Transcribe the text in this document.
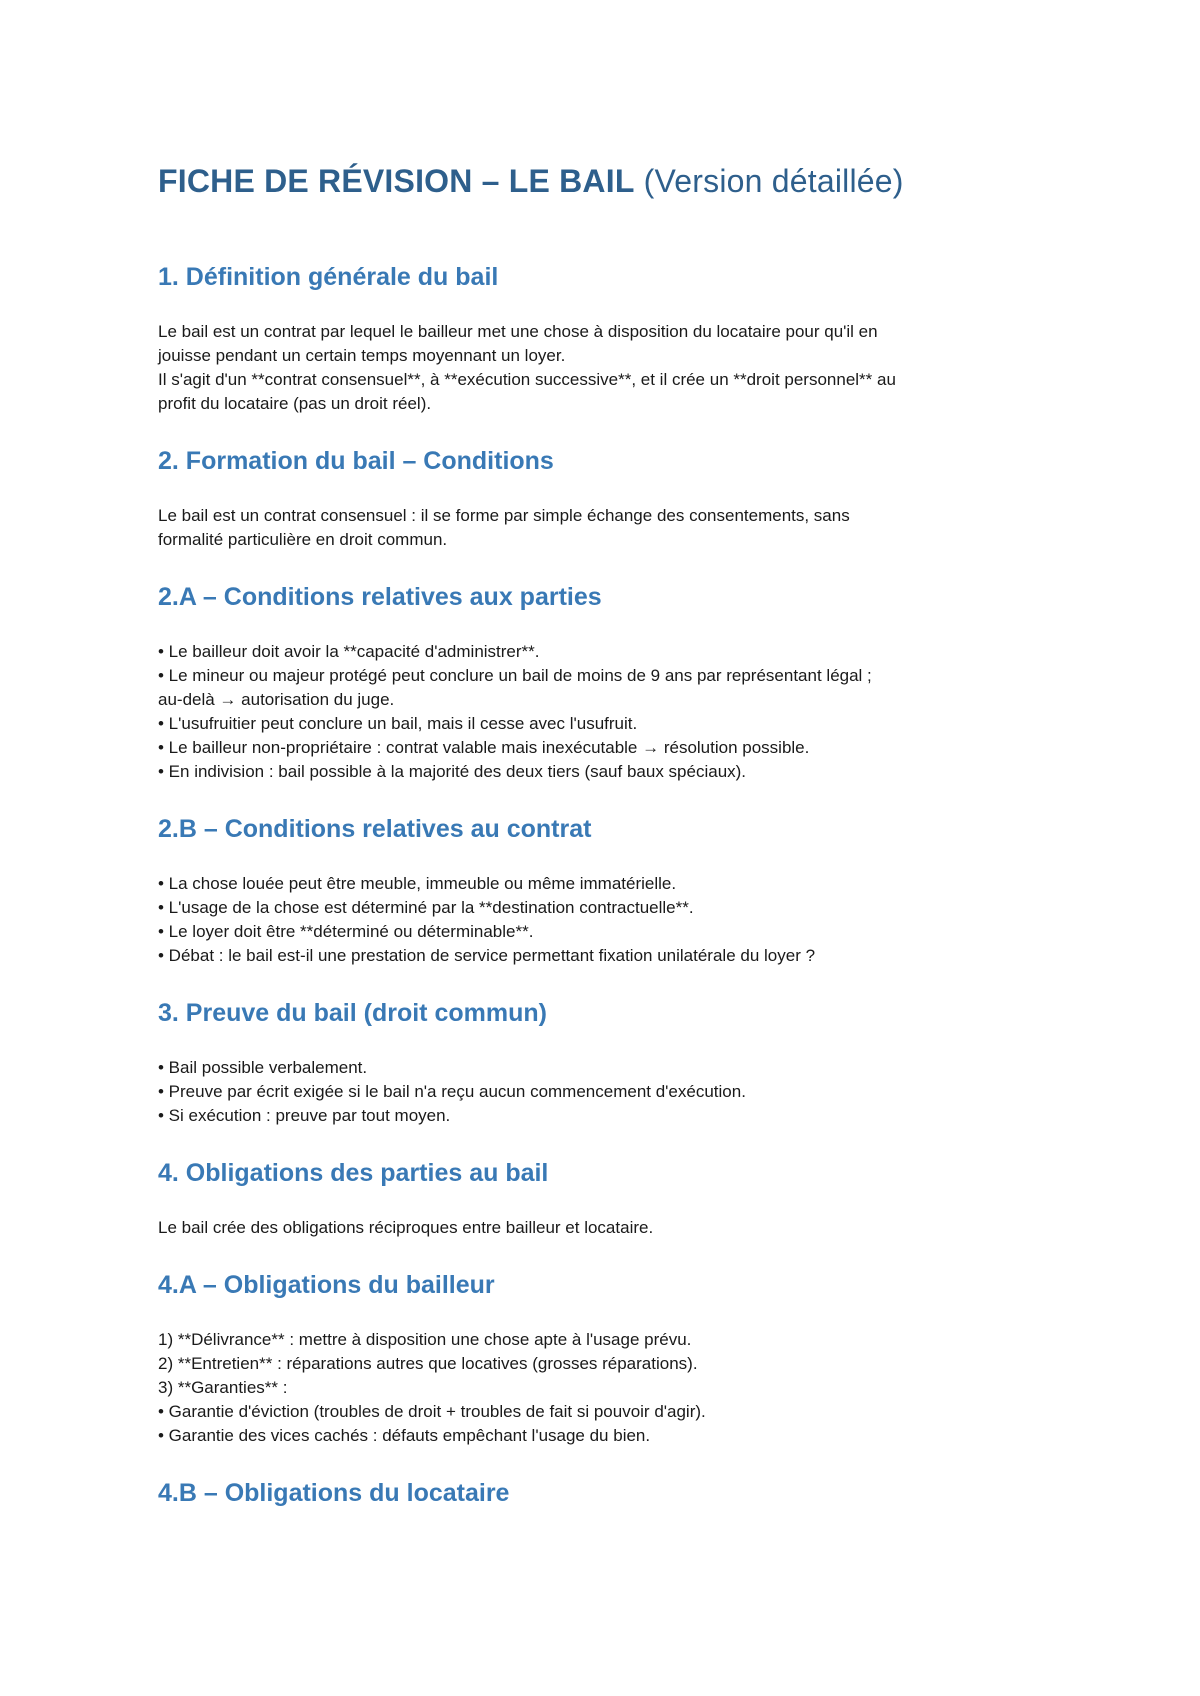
FICHE DE RÉVISION – LE BAIL (Version détaillée)
1. Définition générale du bail

Le bail est un contrat par lequel le bailleur met une chose à disposition du locataire pour qu'il en
jouisse pendant un certain temps moyennant un loyer.
Il s'agit d'un **contrat consensuel**, à **exécution successive**, et il crée un **droit personnel** au
profit du locataire (pas un droit réel).

2. Formation du bail – Conditions

Le bail est un contrat consensuel : il se forme par simple échange des consentements, sans
formalité particulière en droit commun.

2.A – Conditions relatives aux parties

• Le bailleur doit avoir la **capacité d'administrer**.
• Le mineur ou majeur protégé peut conclure un bail de moins de 9 ans par représentant légal ;
au-delà → autorisation du juge.
• L'usufruitier peut conclure un bail, mais il cesse avec l'usufruit.
• Le bailleur non-propriétaire : contrat valable mais inexécutable → résolution possible.
• En indivision : bail possible à la majorité des deux tiers (sauf baux spéciaux).

2.B – Conditions relatives au contrat

• La chose louée peut être meuble, immeuble ou même immatérielle.
• L'usage de la chose est déterminé par la **destination contractuelle**.
• Le loyer doit être **déterminé ou déterminable**.
• Débat : le bail est-il une prestation de service permettant fixation unilatérale du loyer ?

3. Preuve du bail (droit commun)

• Bail possible verbalement.
• Preuve par écrit exigée si le bail n'a reçu aucun commencement d'exécution.
• Si exécution : preuve par tout moyen.

4. Obligations des parties au bail

Le bail crée des obligations réciproques entre bailleur et locataire.

4.A – Obligations du bailleur

1) **Délivrance** : mettre à disposition une chose apte à l'usage prévu.
2) **Entretien** : réparations autres que locatives (grosses réparations).
3) **Garanties** :
• Garantie d'éviction (troubles de droit + troubles de fait si pouvoir d'agir).
• Garantie des vices cachés : défauts empêchant l'usage du bien.

4.B – Obligations du locataire
